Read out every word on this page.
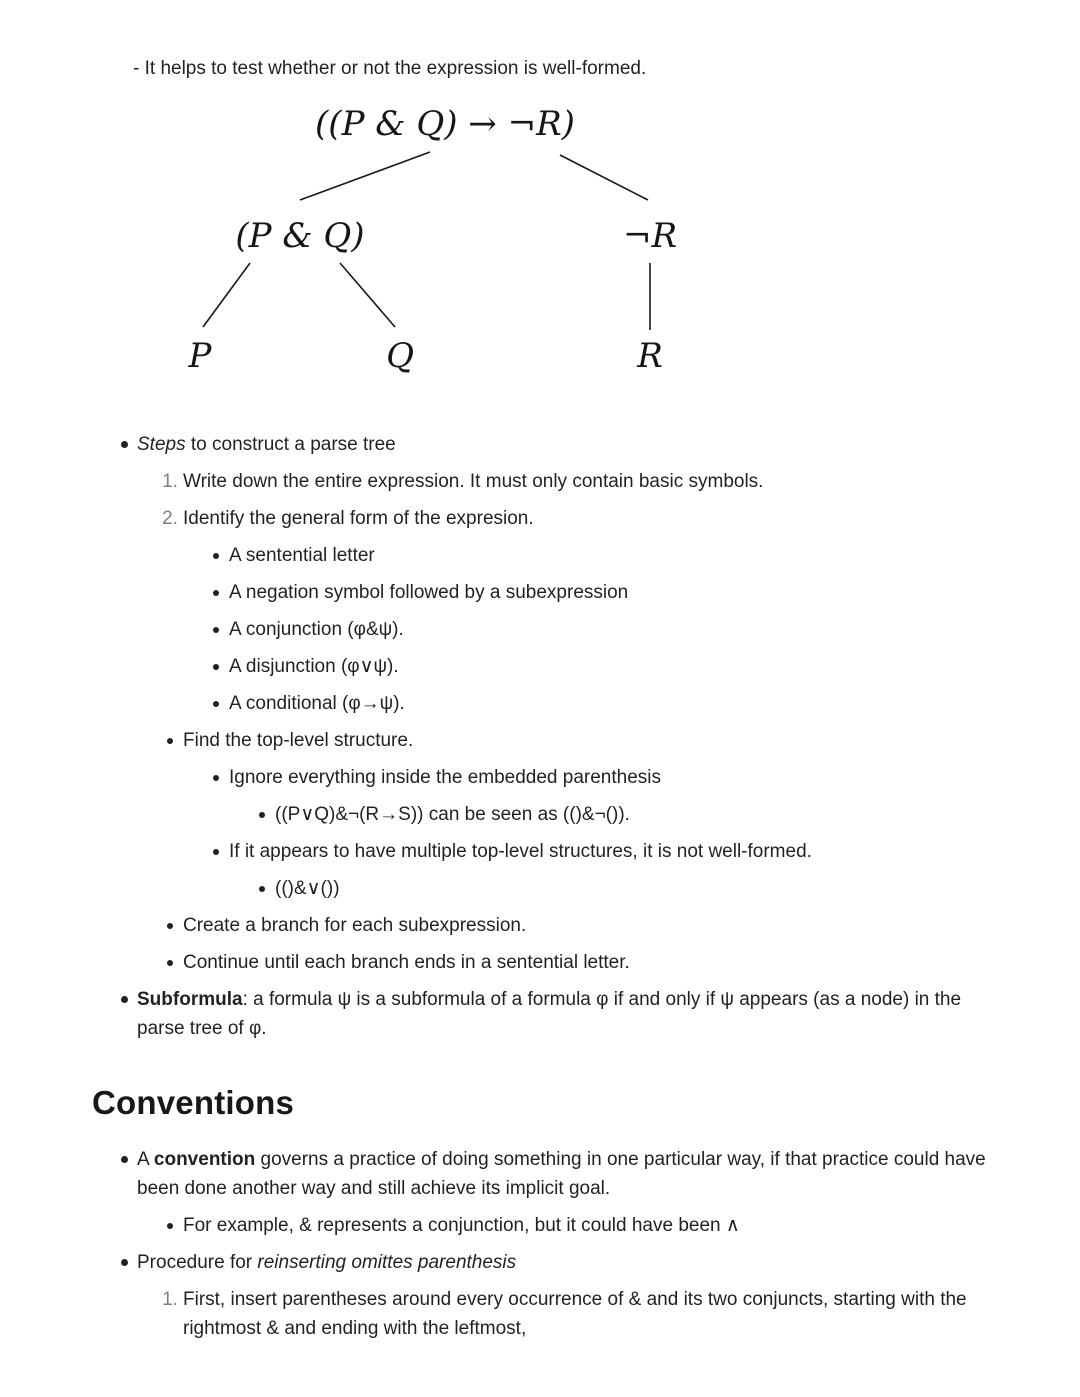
- It helps to test whether or not the expression is well-formed.

((P & Q) → ¬R)
(P & Q)	¬R
P	Q	R
Steps to construct a parse tree
1. Write down the entire expression. It must only contain basic symbols.
2. Identify the general form of the expresion.
A sentential letter
A negation symbol followed by a subexpression
A conjunction (φ&ψ).
A disjunction (φ∨ψ).
A conditional (φ→ψ).
Find the top-level structure.
Ignore everything inside the embedded parenthesis
((P∨Q)&¬(R→S)) can be seen as (()&¬()).
If it appears to have multiple top-level structures, it is not well-formed.
(()&∨())
Create a branch for each subexpression.
Continue until each branch ends in a sentential letter.
Subformula: a formula ψ is a subformula of a formula φ if and only if ψ appears (as a node) in the parse tree of φ.
Conventions
A convention governs a practice of doing something in one particular way, if that practice could have been done another way and still achieve its implicit goal.
For example, & represents a conjunction, but it could have been ∧
Procedure for reinserting omittes parenthesis
1. First, insert parentheses around every occurrence of & and its two conjuncts, starting with the rightmost & and ending with the leftmost,
